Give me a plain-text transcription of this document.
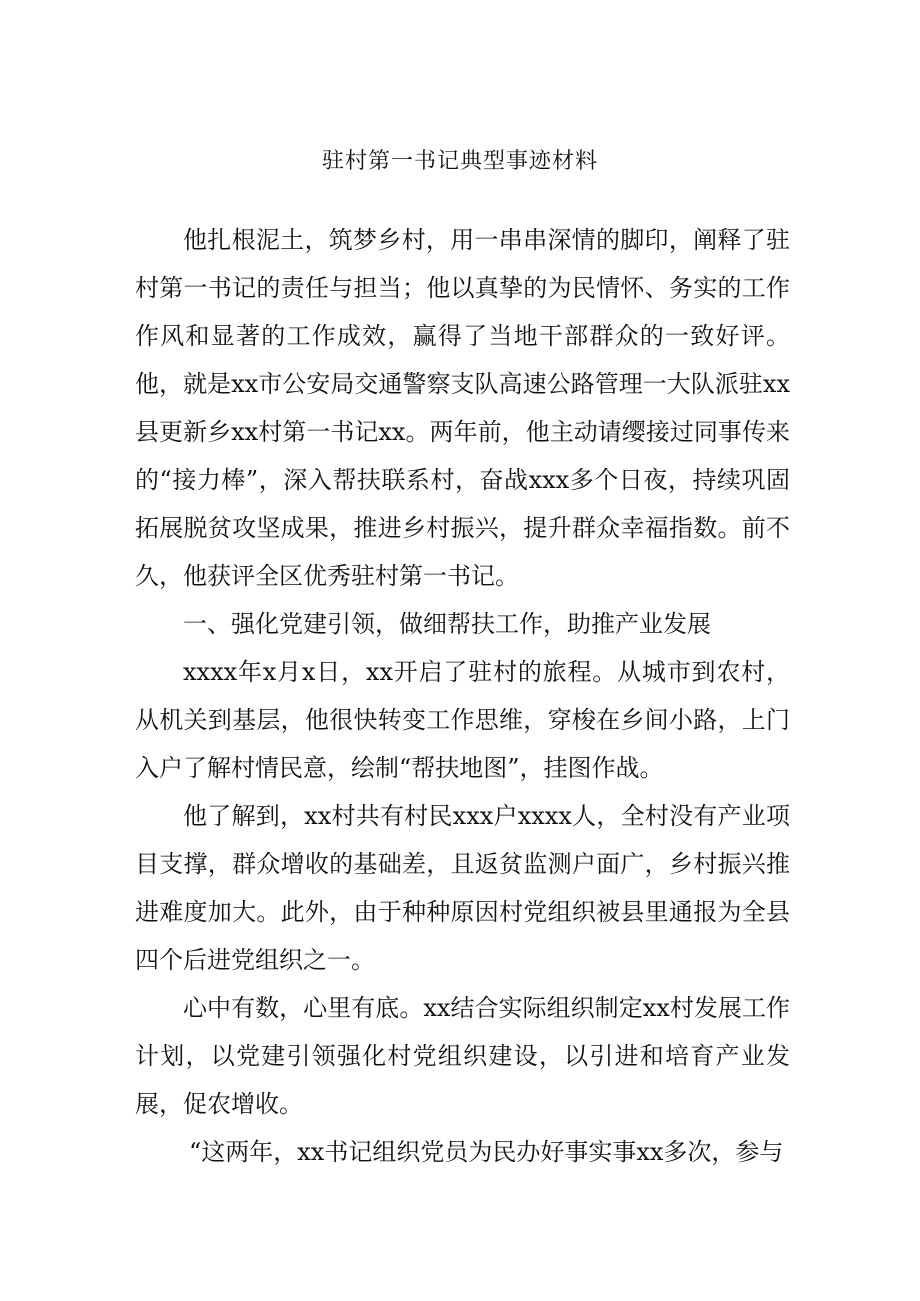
驻村第一书记典型事迹材料

他扎根泥土，筑梦乡村，用一串串深情的脚印，阐释了驻村第一书记的责任与担当；他以真挚的为民情怀、务实的工作作风和显著的工作成效，赢得了当地干部群众的一致好评。他，就是xx市公安局交通警察支队高速公路管理一大队派驻xx县更新乡xx村第一书记xx。两年前，他主动请缨接过同事传来的“接力棒”，深入帮扶联系村，奋战xxx多个日夜，持续巩固拓展脱贫攻坚成果，推进乡村振兴，提升群众幸福指数。前不久，他获评全区优秀驻村第一书记。

一、强化党建引领，做细帮扶工作，助推产业发展

xxxx年x月x日，xx开启了驻村的旅程。从城市到农村，从机关到基层，他很快转变工作思维，穿梭在乡间小路，上门入户了解村情民意，绘制“帮扶地图”，挂图作战。

他了解到，xx村共有村民xxx户xxxx人，全村没有产业项目支撑，群众增收的基础差，且返贫监测户面广，乡村振兴推进难度加大。此外，由于种种原因村党组织被县里通报为全县四个后进党组织之一。

心中有数，心里有底。xx结合实际组织制定xx村发展工作计划，以党建引领强化村党组织建设，以引进和培育产业发展，促农增收。

“这两年，xx书记组织党员为民办好事实事xx多次，参与
